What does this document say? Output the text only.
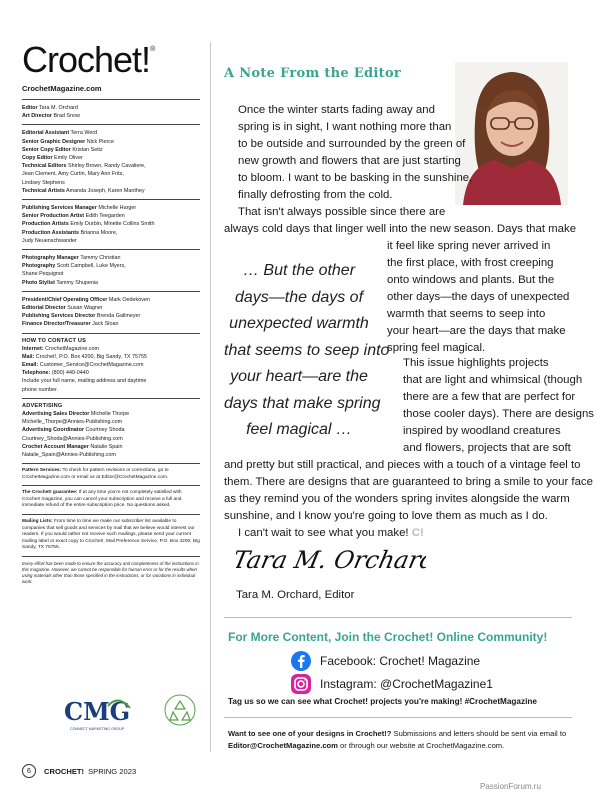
Crochet!®
CrochetMagazine.com
Editor Tara M. Orchard
Art Director Brad Snow
Editorial Assistant Terra Werd
Senior Graphic Designer Nick Pierce
Senior Copy Editor Kristan Seitz
Copy Editor Emily Oliver
Technical Editors Shirley Brown, Randy Cavaliere,
Jean Clement, Amy Curtin, Mary Ann Frits,
Lindsey Stephens
Technical Artists Amanda Joseph, Karen Manthey
Publishing Services Manager Michelle Harger
Senior Production Artist Edith Teegarden
Production Artists Emily Durbin, Minette Collins Smith
Production Assistants Brianna Moore,
Judy Neuenschwander
Photography Manager Tammy Christian
Photography Scott Campbell, Luke Myers,
Shane Pequignot
Photo Stylist Tammy Shupenia
President/Chief Operating Officer Mark Oedekoven
Editorial Director Susan Wagner
Publishing Services Director Brenda Gallmeyer
Finance Director/Treasurer Jack Sloan
HOW TO CONTACT US
Internet: CrochetMagazine.com
Mail: Crochet!, P.O. Box 4200, Big Sandy, TX 75755
Email: Customer_Service@CrochetMagazine.com
Telephone: (800) 449-0440
Include your full name, mailing address and daytime
phone number.
ADVERTISING
Advertising Sales Director Michelle Thorpe
Michelle_Thorpe@Annies-Publishing.com
Advertising Coordinator Courtney Shoda
Courtney_Shoda@Annies-Publishing.com
Crochet Account Manager Natalie Spain
Natalie_Spain@Annies-Publishing.com
Pattern Services: To check for pattern revisions or corrections, go to CrochetMagazine.com or email us at Editor@CrochetMagazine.com.
The Crochet! guarantee: If at any time you're not completely satisfied with Crochet! magazine, you can cancel your subscription and receive a full and immediate refund of the entire subscription price. No questions asked.
Mailing Lists: From time to time we make our subscriber list available to companies that sell goods and services by mail that we believe would interest our readers. If you would rather not receive such mailings, please send your current mailing label or exact copy to Crochet!, Mail Preference Service, P.O. Box 4200, Big Sandy, TX 75755.
Every effort has been made to ensure the accuracy and completeness of the instructions in this magazine. However, we cannot be responsible for human error or for the results when using materials other than those specified in the instructions, or for variations in individual work.
CMG
CONNECT MARKETING GROUP
A Note From the Editor
Once the winter starts fading away and
spring is in sight, I want nothing more than
to be outside and surrounded by the green of
new growth and flowers that are just starting
to bloom. I want to be basking in the sunshine,
finally defrosting from the cold.
That isn't always possible since there are
always cold days that linger well into the new season. Days that make
it feel like spring never arrived in
the first place, with frost creeping
onto windows and plants. But the
other days—the days of unexpected
warmth that seems to seep into
your heart—are the days that make
spring feel magical.
This issue highlights projects
that are light and whimsical (though
there are a few that are perfect for
those cooler days). There are designs
inspired by woodland creatures
and flowers, projects that are soft
and pretty but still practical, and pieces with a touch of a vintage feel to
them. There are designs that are guaranteed to bring a smile to your face
as they remind you of the wonders spring invites alongside the warm
sunshine, and I know you're going to love them as much as I do.
I can't wait to see what you make! C!
… But the other
days—the days of
unexpected warmth
that seems to seep into
your heart—are the
days that make spring
feel magical …
Tara M. Orchard
Tara M. Orchard, Editor
For More Content, Join the Crochet! Online Community!
Facebook: Crochet! Magazine
Instagram: @CrochetMagazine1
Tag us so we can see what Crochet! projects you're making! #CrochetMagazine
Want to see one of your designs in Crochet!? Submissions and letters should be sent via email to Editor@CrochetMagazine.com or through our website at CrochetMagazine.com.
6	CROCHET! SPRING 2023
PassionForum.ru
